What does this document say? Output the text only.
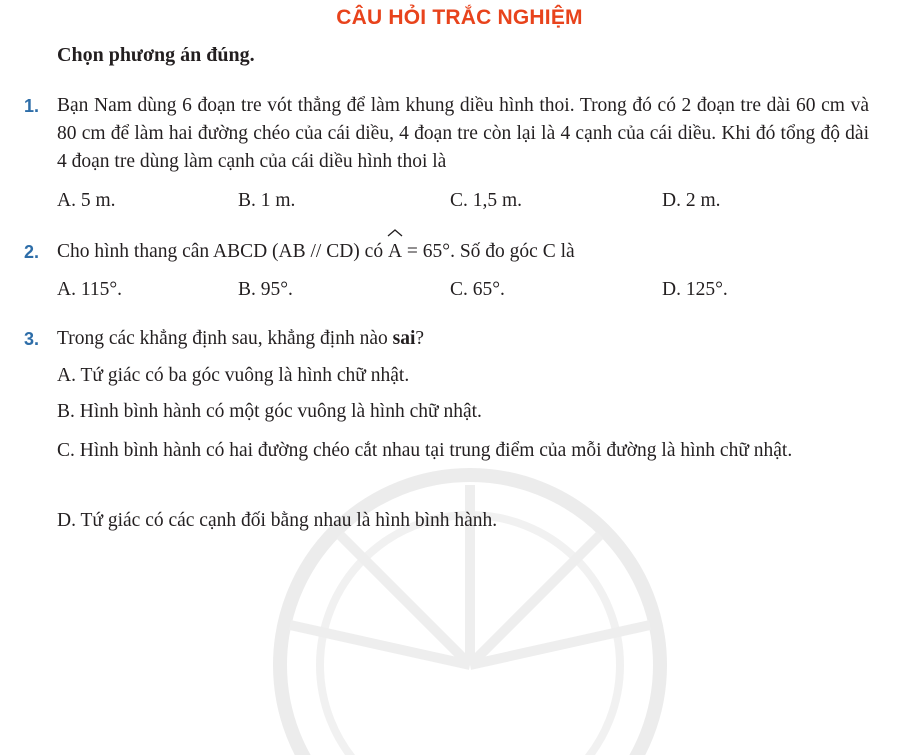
CÂU HỎI TRẮC NGHIỆM
Chọn phương án đúng.
1. Bạn Nam dùng 6 đoạn tre vót thẳng để làm khung diều hình thoi. Trong đó có 2 đoạn tre dài 60 cm và 80 cm để làm hai đường chéo của cái diều, 4 đoạn tre còn lại là 4 cạnh của cái diều. Khi đó tổng độ dài 4 đoạn tre dùng làm cạnh của cái diều hình thoi là
A. 5 m.	B. 1 m.	C. 1,5 m.	D. 2 m.
2. Cho hình thang cân ABCD (AB // CD) có A = 65°. Số đo góc C là
A. 115°.	B. 95°.	C. 65°.	D. 125°.
3. Trong các khẳng định sau, khẳng định nào sai?
A. Tứ giác có ba góc vuông là hình chữ nhật.
B. Hình bình hành có một góc vuông là hình chữ nhật.
C. Hình bình hành có hai đường chéo cắt nhau tại trung điểm của mỗi đường là hình chữ nhật.
D. Tứ giác có các cạnh đối bằng nhau là hình bình hành.
